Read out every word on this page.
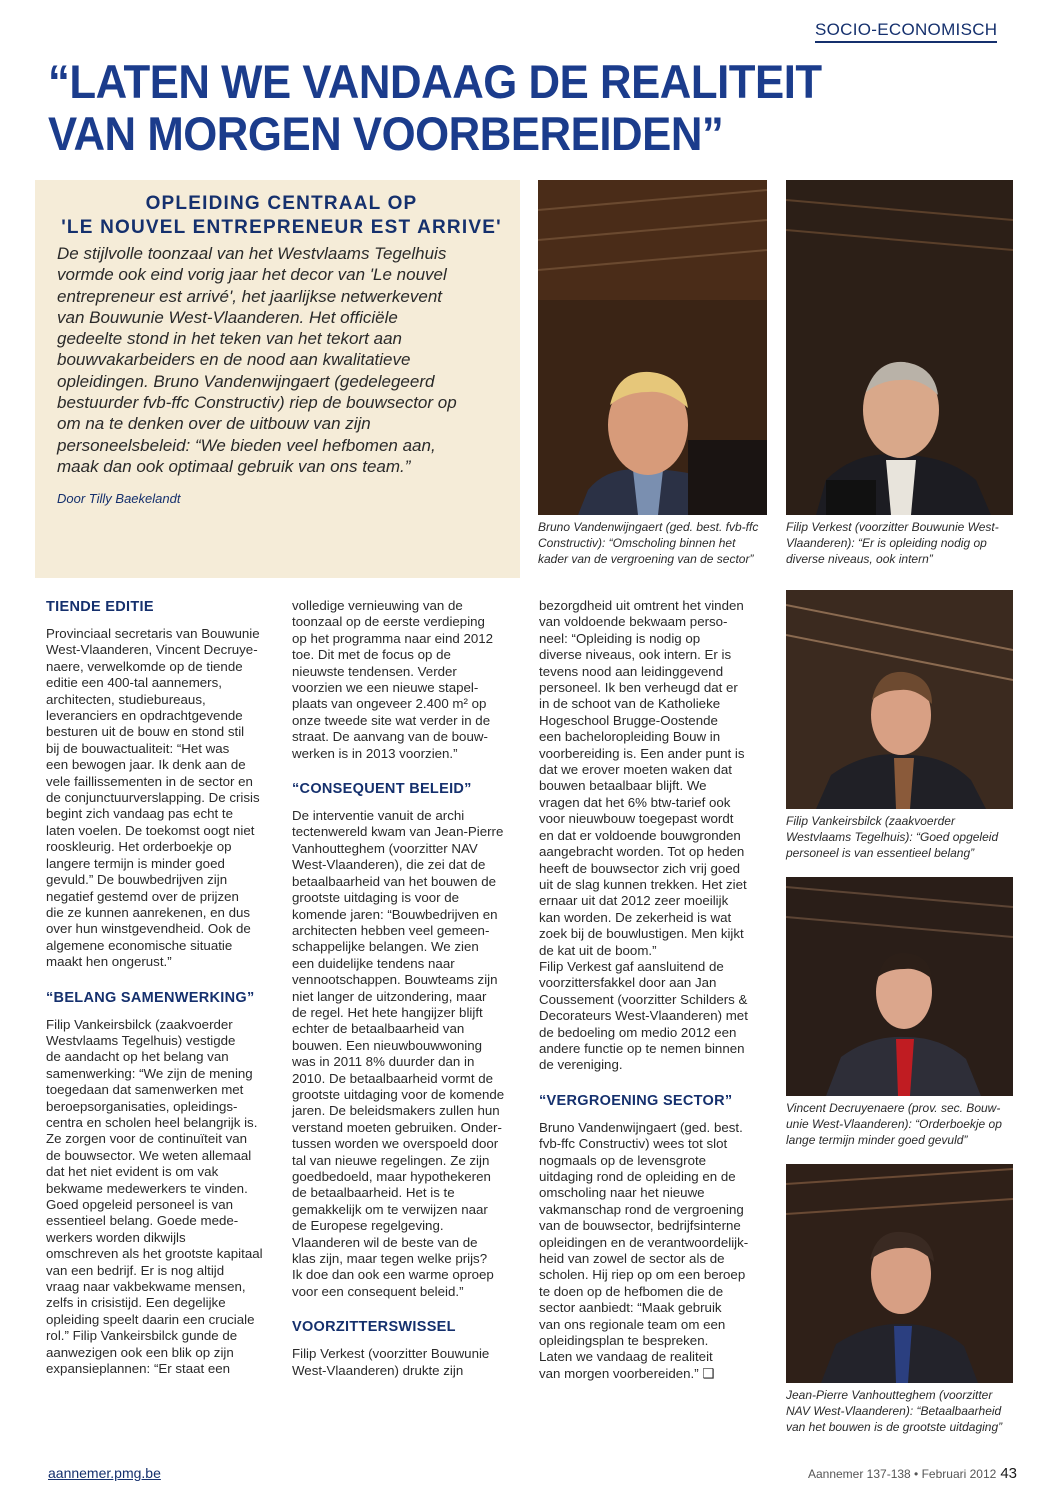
SOCIO-ECONOMISCH
“LATEN WE VANDAAG DE REALITEIT
VAN MORGEN VOORBEREIDEN”
OPLEIDING CENTRAAL OP
'LE NOUVEL ENTREPRENEUR EST ARRIVE'
De stijlvolle toonzaal van het Westvlaams Tegelhuis
vormde ook eind vorig jaar het decor van 'Le nouvel
entrepreneur est arrivé', het jaarlijkse netwerkevent
van Bouwunie West-Vlaanderen. Het officiële
gedeelte stond in het teken van het tekort aan
bouwvakarbeiders en de nood aan kwalitatieve
opleidingen. Bruno Vandenwijngaert (gedelegeerd
bestuurder fvb-ffc Constructiv) riep de bouwsector op
om na te denken over de uitbouw van zijn
personeelsbeleid: “We bieden veel hefbomen aan,
maak dan ook optimaal gebruik van ons team.”
Door Tilly Baekelandt
Bruno Vandenwijngaert (ged. best. fvb-ffc
Constructiv): “Omscholing binnen het
kader van de vergroening van de sector”
Filip Verkest (voorzitter Bouwunie West-
Vlaanderen): “Er is opleiding nodig op
diverse niveaus, ook intern”
Filip Vankeirsbilck (zaakvoerder
Westvlaams Tegelhuis): “Goed opgeleid
personeel is van essentieel belang”
Vincent Decruyenaere (prov. sec. Bouw-
unie West-Vlaanderen): “Orderboekje op
lange termijn minder goed gevuld”
Jean-Pierre Vanhoutteghem (voorzitter
NAV West-Vlaanderen): “Betaalbaarheid
van het bouwen is de grootste uitdaging”
TIENDE EDITIE
Provinciaal secretaris van Bouwunie
West-Vlaanderen, Vincent Decruye-
naere, verwelkomde op de tiende
editie een 400-tal aannemers,
architecten, studiebureaus,
leveranciers en opdrachtgevende
besturen uit de bouw en stond stil
bij de bouwactualiteit: “Het was
een bewogen jaar. Ik denk aan de
vele faillissementen in de sector en
de conjunctuurverslapping. De crisis
begint zich vandaag pas echt te
laten voelen. De toekomst oogt niet
rooskleurig. Het orderboekje op
langere termijn is minder goed
gevuld.” De bouwbedrijven zijn
negatief gestemd over de prijzen
die ze kunnen aanrekenen, en dus
over hun winstgevendheid. Ook de
algemene economische situatie
maakt hen ongerust.”
“BELANG SAMENWERKING”
Filip Vankeirsbilck (zaakvoerder
Westvlaams Tegelhuis) vestigde
de aandacht op het belang van
samenwerking: “We zijn de mening
toegedaan dat samenwerken met
beroepsorganisaties, opleidings-
centra en scholen heel belangrijk is.
Ze zorgen voor de continuïteit van
de bouwsector. We weten allemaal
dat het niet evident is om vak
bekwame medewerkers te vinden.
Goed opgeleid personeel is van
essentieel belang. Goede mede-
werkers worden dikwijls
omschreven als het grootste kapitaal
van een bedrijf. Er is nog altijd
vraag naar vakbekwame mensen,
zelfs in crisistijd. Een degelijke
opleiding speelt daarin een cruciale
rol.” Filip Vankeirsbilck gunde de
aanwezigen ook een blik op zijn
expansieplannen: “Er staat een
volledige vernieuwing van de
toonzaal op de eerste verdieping
op het programma naar eind 2012
toe. Dit met de focus op de
nieuwste tendensen. Verder
voorzien we een nieuwe stapel-
plaats van ongeveer 2.400 m² op
onze tweede site wat verder in de
straat. De aanvang van de bouw-
werken is in 2013 voorzien.”
“CONSEQUENT BELEID”
De interventie vanuit de archi
tectenwereld kwam van Jean-Pierre
Vanhoutteghem (voorzitter NAV
West-Vlaanderen), die zei dat de
betaalbaarheid van het bouwen de
grootste uitdaging is voor de
komende jaren: “Bouwbedrijven en
architecten hebben veel gemeen-
schappelijke belangen. We zien
een duidelijke tendens naar
vennootschappen. Bouwteams zijn
niet langer de uitzondering, maar
de regel. Het hete hangijzer blijft
echter de betaalbaarheid van
bouwen. Een nieuwbouwwoning
was in 2011 8% duurder dan in
2010. De betaalbaarheid vormt de
grootste uitdaging voor de komende
jaren. De beleidsmakers zullen hun
verstand moeten gebruiken. Onder-
tussen worden we overspoeld door
tal van nieuwe regelingen. Ze zijn
goedbedoeld, maar hypothekeren
de betaalbaarheid. Het is te
gemakkelijk om te verwijzen naar
de Europese regelgeving.
Vlaanderen wil de beste van de
klas zijn, maar tegen welke prijs?
Ik doe dan ook een warme oproep
voor een consequent beleid.”
VOORZITTERSWISSEL
Filip Verkest (voorzitter Bouwunie
West-Vlaanderen) drukte zijn
bezorgdheid uit omtrent het vinden
van voldoende bekwaam perso-
neel: “Opleiding is nodig op
diverse niveaus, ook intern. Er is
tevens nood aan leidinggevend
personeel. Ik ben verheugd dat er
in de schoot van de Katholieke
Hogeschool Brugge-Oostende
een bacheloropleiding Bouw in
voorbereiding is. Een ander punt is
dat we erover moeten waken dat
bouwen betaalbaar blijft. We
vragen dat het 6% btw-tarief ook
voor nieuwbouw toegepast wordt
en dat er voldoende bouwgronden
aangebracht worden. Tot op heden
heeft de bouwsector zich vrij goed
uit de slag kunnen trekken. Het ziet
ernaar uit dat 2012 zeer moeilijk
kan worden. De zekerheid is wat
zoek bij de bouwlustigen. Men kijkt
de kat uit de boom.”
Filip Verkest gaf aansluitend de
voorzittersfakkel door aan Jan
Coussement (voorzitter Schilders &
Decorateurs West-Vlaanderen) met
de bedoeling om medio 2012 een
andere functie op te nemen binnen
de vereniging.
“VERGROENING SECTOR”
Bruno Vandenwijngaert (ged. best.
fvb-ffc Constructiv) wees tot slot
nogmaals op de levensgrote
uitdaging rond de opleiding en de
omscholing naar het nieuwe
vakmanschap rond de vergroening
van de bouwsector, bedrijfsinterne
opleidingen en de verantwoordelijk-
heid van zowel de sector als de
scholen. Hij riep op om een beroep
te doen op de hefbomen die de
sector aanbiedt: “Maak gebruik
van ons regionale team om een
opleidingsplan te bespreken.
Laten we vandaag de realiteit
van morgen voorbereiden.” ❑
aannemer.pmg.be	Aannemer 137-138 • Februari 2012 43
